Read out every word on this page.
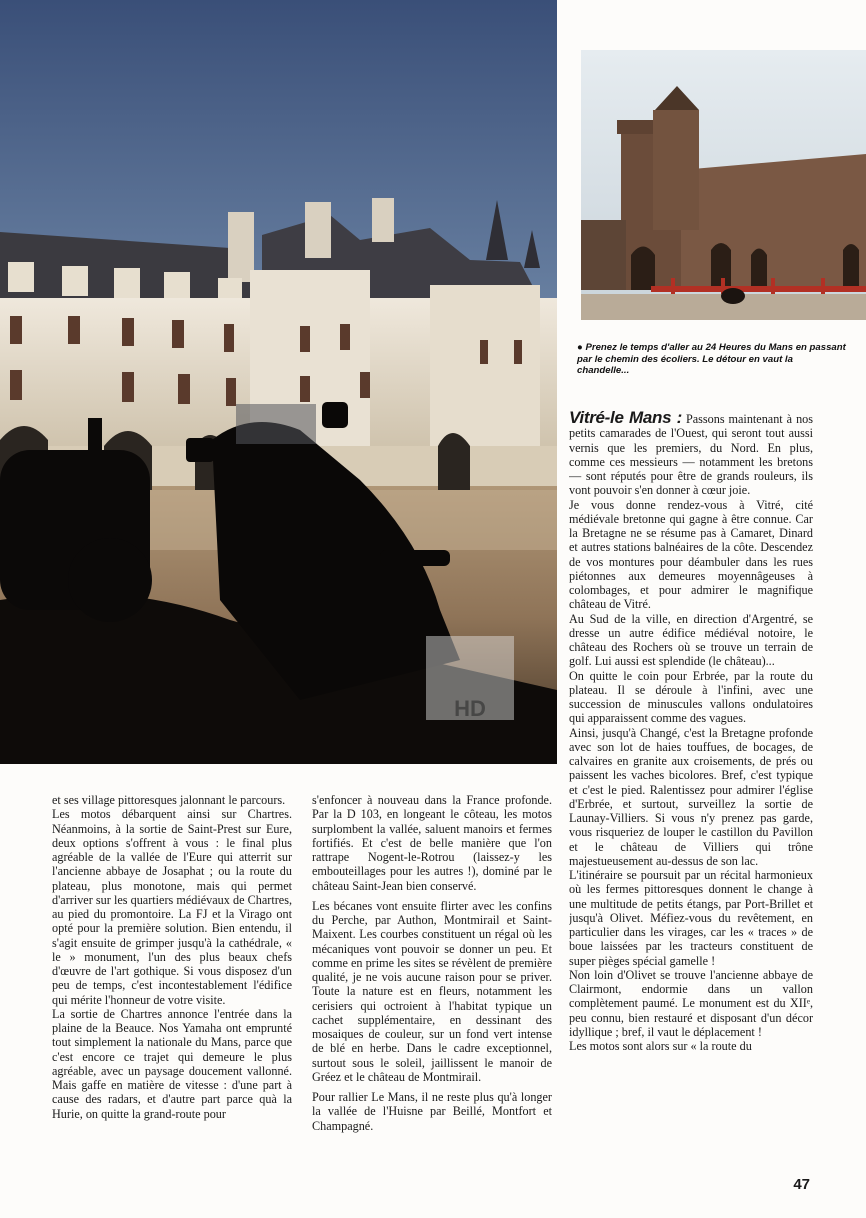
HD
● Prenez le temps d'aller au 24 Heures du Mans en passant par le chemin des écoliers. Le détour en vaut la chandelle...

et ses village pittoresques jalonnant le parcours.

Les motos débarquent ainsi sur Chartres. Néanmoins, à la sortie de Saint-Prest sur Eure, deux options s'offrent à vous : le final plus agréable de la vallée de l'Eure qui atterrit sur l'ancienne abbaye de Josaphat ; ou la route du plateau, plus monotone, mais qui permet d'arriver sur les quartiers médiévaux de Chartres, au pied du promontoire. La FJ et la Virago ont opté pour la première solution. Bien entendu, il s'agit ensuite de grimper jusqu'à la cathédrale, « le » monument, l'un des plus beaux chefs d'œuvre de l'art gothique. Si vous disposez d'un peu de temps, c'est incontestablement l'édifice qui mérite l'honneur de votre visite.

La sortie de Chartres annonce l'entrée dans la plaine de la Beauce. Nos Yamaha ont emprunté tout simplement la nationale du Mans, parce que c'est encore ce trajet qui demeure le plus agréable, avec un paysage doucement vallonné. Mais gaffe en matière de vitesse : d'une part à cause des radars, et d'autre part parce quà la Hurie, on quitte la grand-route pour

s'enfoncer à nouveau dans la France profonde. Par la D 103, en longeant le côteau, les motos surplombent la vallée, saluent manoirs et fermes fortifiés. Et c'est de belle manière que l'on rattrape Nogent-le-Rotrou (laissez-y les embouteillages pour les autres !), dominé par le château Saint-Jean bien conservé.

Les bécanes vont ensuite flirter avec les confins du Perche, par Authon, Montmirail et Saint-Maixent. Les courbes constituent un régal où les mécaniques vont pouvoir se donner un peu. Et comme en prime les sites se révèlent de première qualité, je ne vois aucune raison pour se priver. Toute la nature est en fleurs, notamment les cerisiers qui octroient à l'habitat typique un cachet supplémentaire, en dessinant des mosaiques de couleur, sur un fond vert intense de blé en herbe. Dans le cadre exceptionnel, surtout sous le soleil, jaillissent le manoir de Gréez et le château de Montmirail.

Pour rallier Le Mans, il ne reste plus qu'à longer la vallée de l'Huisne par Beillé, Montfort et Champagné.

Vitré-le Mans : Passons maintenant à nos petits camarades de l'Ouest, qui seront tout aussi vernis que les premiers, du Nord. En plus, comme ces messieurs — notamment les bretons — sont réputés pour être de grands rouleurs, ils vont pouvoir s'en donner à cœur joie.

Je vous donne rendez-vous à Vitré, cité médiévale bretonne qui gagne à être connue. Car la Bretagne ne se résume pas à Camaret, Dinard et autres stations balnéaires de la côte. Descendez de vos montures pour déambuler dans les rues piétonnes aux demeures moyennâgeuses à colombages, et pour admirer le magnifique château de Vitré.

Au Sud de la ville, en direction d'Argentré, se dresse un autre édifice médiéval notoire, le château des Rochers où se trouve un terrain de golf. Lui aussi est splendide (le château)...

On quitte le coin pour Erbrée, par la route du plateau. Il se déroule à l'infini, avec une succession de minuscules vallons ondulatoires qui apparaissent comme des vagues.

Ainsi, jusqu'à Changé, c'est la Bretagne profonde avec son lot de haies touffues, de bocages, de calvaires en granite aux croisements, de prés ou paissent les vaches bicolores. Bref, c'est typique et c'est le pied. Ralentissez pour admirer l'église d'Erbrée, et surtout, surveillez la sortie de Launay-Villiers. Si vous n'y prenez pas garde, vous risqueriez de louper le castillon du Pavillon et le château de Villiers qui trône majestueusement au-dessus de son lac.

L'itinéraire se poursuit par un récital harmonieux où les fermes pittoresques donnent le change à une multitude de petits étangs, par Port-Brillet et jusqu'à Olivet. Méfiez-vous du revêtement, en particulier dans les virages, car les « traces » de boue laissées par les tracteurs constituent de super pièges spécial gamelle !

Non loin d'Olivet se trouve l'ancienne abbaye de Clairmont, endormie dans un vallon complètement paumé. Le monument est du XIIᵉ, peu connu, bien restauré et disposant d'un décor idyllique ; bref, il vaut le déplacement !

Les motos sont alors sur « la route du

47
